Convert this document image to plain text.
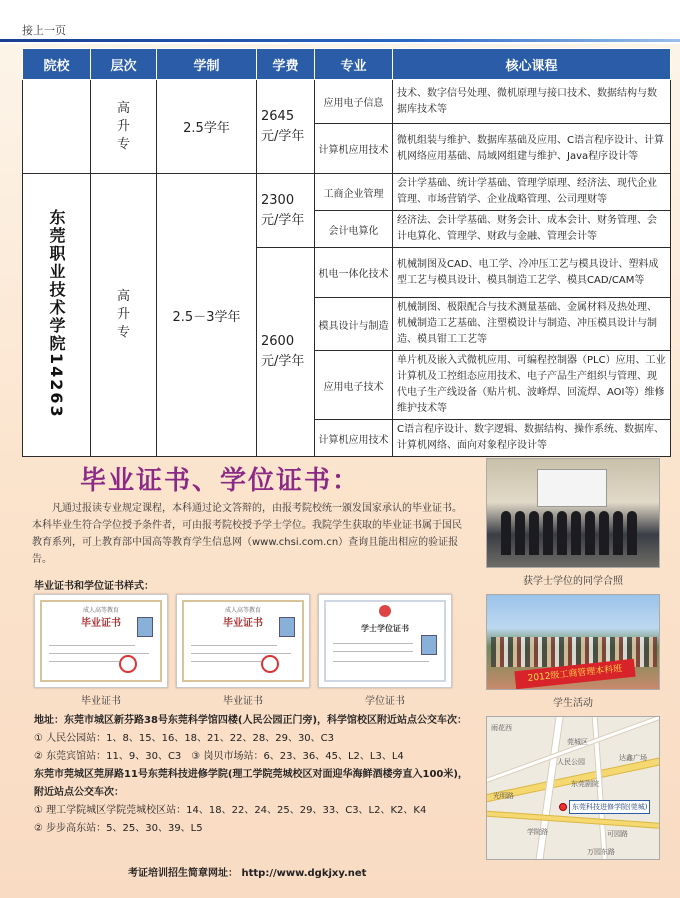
接上一页
院校	层次	学制	学费	专业	核心课程
	高升专	2.5学年	2645元/学年	应用电子信息	技术、数字信号处理、微机原理与接口技术、数据结构与数据库技术等
				计算机应用技术	微机组装与维护、数据库基础及应用、C语言程序设计、计算机网络应用基础、局域网组建与维护、Java程序设计等
东莞职业技术学院14263	高升专	2.5－3学年	2300元/学年	工商企业管理	会计学基础、统计学基础、管理学原理、经济法、现代企业管理、市场营销学、企业战略管理、公司理财等
				会计电算化	经济法、会计学基础、财务会计、成本会计、财务管理、会计电算化、管理学、财政与金融、管理会计等
			2600元/学年	机电一体化技术	机械制图及CAD、电工学、冷冲压工艺与模具设计、塑料成型工艺与模具设计、模具制造工艺学、模具CAD/CAM等
				模具设计与制造	机械制图、极限配合与技术测量基础、金属材料及热处理、机械制造工艺基础、注塑模设计与制造、冲压模具设计与制造、模具钳工工艺等
				应用电子技术	单片机及嵌入式微机应用、可编程控制器（PLC）应用、工业计算机及工控组态应用技术、电子产品生产组织与管理、现代电子生产线设备（贴片机、波峰焊、回流焊、AOI等）维修维护技术等
				计算机应用技术	C语言程序设计、数字逻辑、数据结构、操作系统、数据库、计算机网络、面向对象程序设计等
毕业证书、学位证书：

凡通过报读专业规定课程，本科通过论文答辩的，由报考院校统一颁发国家承认的毕业证书。本科毕业生符合学位授予条件者，可由报考院校授予学士学位。我院学生获取的毕业证书属于国民教育系列，可上教育部中国高等教育学生信息网（www.chsi.com.cn）查询且能出相应的验证报告。

毕业证书和学位证书样式：
成人高等教育
毕业证书
毕业证书
成人高等教育
毕业证书
毕业证书
学士学位证书
学位证书
获学士学位的同学合照
2012级工商管理本科班
学生活动
地址：东莞市城区新芬路38号东莞科学馆四楼(人民公园正门旁)，科学馆校区附近站点公交车次：
① 人民公园站：1、8、15、16、18、21、22、28、29、30、C3
② 东莞宾馆站：11、9、30、C3　③ 岗贝市场站：6、23、36、45、L2、L3、L4
东莞市莞城区莞屏路11号东莞科技进修学院(理工学院莞城校区对面迎华海鲜酒楼旁直入100米)，附近站点公交车次：
① 理工学院城区学院莞城校区站：14、18、22、24、25、29、33、C3、L2、K2、K4
② 步步高东站：5、25、30、39、L5
雨花西
莞城区
人民公园	达鑫广场
东莞剧院
光明路
学院路	可园路
万园东路
东莞科技进修学院(莞城)
考证培训招生简章网址： http://www.dgkjxy.net
